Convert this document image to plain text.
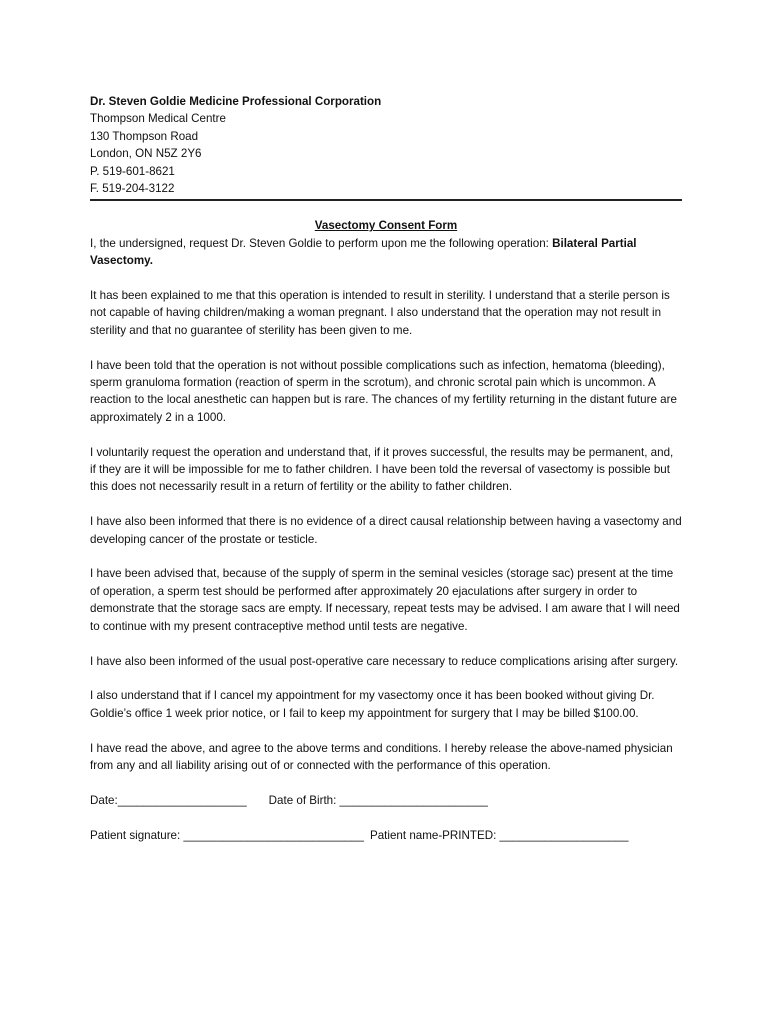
Dr. Steven Goldie Medicine Professional Corporation
Thompson Medical Centre
130 Thompson Road
London, ON N5Z 2Y6
P. 519-601-8621
F. 519-204-3122
Vasectomy Consent Form

I, the undersigned, request Dr. Steven Goldie to perform upon me the following operation: Bilateral Partial Vasectomy.

It has been explained to me that this operation is intended to result in sterility. I understand that a sterile person is not capable of having children/making a woman pregnant. I also understand that the operation may not result in sterility and that no guarantee of sterility has been given to me.

I have been told that the operation is not without possible complications such as infection, hematoma (bleeding), sperm granuloma formation (reaction of sperm in the scrotum), and chronic scrotal pain which is uncommon. A reaction to the local anesthetic can happen but is rare. The chances of my fertility returning in the distant future are approximately 2 in a 1000.

I voluntarily request the operation and understand that, if it proves successful, the results may be permanent, and, if they are it will be impossible for me to father children. I have been told the reversal of vasectomy is possible but this does not necessarily result in a return of fertility or the ability to father children.

I have also been informed that there is no evidence of a direct causal relationship between having a vasectomy and developing cancer of the prostate or testicle.

I have been advised that, because of the supply of sperm in the seminal vesicles (storage sac) present at the time of operation, a sperm test should be performed after approximately 20 ejaculations after surgery in order to demonstrate that the storage sacs are empty. If necessary, repeat tests may be advised. I am aware that I will need to continue with my present contraceptive method until tests are negative.

I have also been informed of the usual post-operative care necessary to reduce complications arising after surgery.

I also understand that if I cancel my appointment for my vasectomy once it has been booked without giving Dr. Goldie’s office 1 week prior notice, or I fail to keep my appointment for surgery that I may be billed $100.00.

I have read the above, and agree to the above terms and conditions. I hereby release the above-named physician from any and all liability arising out of or connected with the performance of this operation.

Date:____________________ Date of Birth: _______________________

Patient signature: ____________________________ Patient name-PRINTED: ____________________
